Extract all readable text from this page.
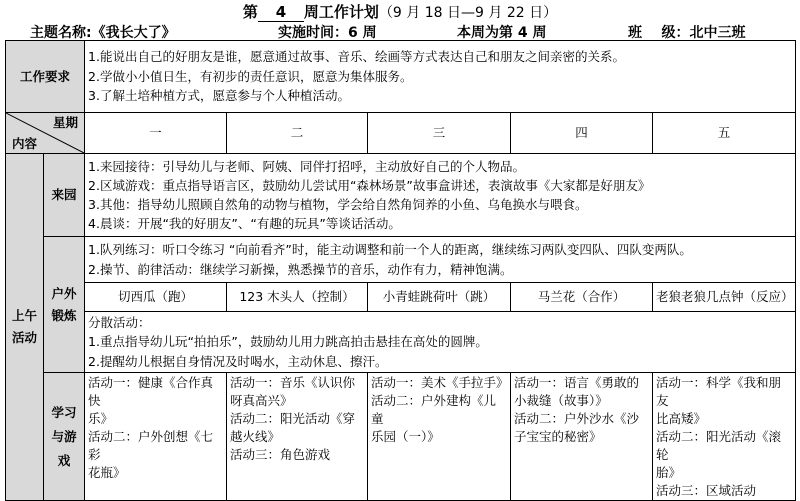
第 4 周工作计划（9 月 18 日—9 月 22 日）
主题名称:《我长大了》	实施时间：6 周	本周为第 4 周	班    级：北中三班
工作要求		1.能说出自己的好朋友是谁，愿意通过故事、音乐、绘画等方式表达自己和朋友之间亲密的关系。
2.学做小小值日生，有初步的责任意识，愿意为集体服务。
3.了解土培种植方式，愿意参与个人种植活动。				

星期
内容		一	二	三	四	五
上午活动	来园	1.来园接待：引导幼儿与老师、阿姨、同伴打招呼，主动放好自己的个人物品。
2.区域游戏：重点指导语言区，鼓励幼儿尝试用“森林场景”故事盒讲述，表演故事《大家都是好朋友》
3.其他：指导幼儿照顾自然角的动物与植物，学会给自然角饲养的小鱼、乌龟换水与喂食。
4.晨谈：开展“我的好朋友”、“有趣的玩具”等谈话活动。				

	户外锻炼	1.队列练习：听口令练习 “向前看齐”时，能主动调整和前一个人的距离，继续练习两队变四队、四队变两队。
2.操节、韵律活动：继续学习新操，熟悉操节的音乐，动作有力，精神饱满。				

		切西瓜（跑）	123 木头人（控制）	小青蛙跳荷叶（跳）	马兰花（合作）	老狼老狼几点钟（反应）

		分散活动：
1.重点指导幼儿玩“拍拍乐”，鼓励幼儿用力跳高拍击悬挂在高处的圆牌。
2.提醒幼儿根据自身情况及时喝水，主动休息、擦汗。				

	学习与游戏	活动一：健康《合作真快
乐》
活动二：户外创想《七彩
花瓶》	活动一：音乐《认识你
呀真高兴》
活动二：阳光活动《穿
越火线》
活动三：角色游戏	活动一：美术《手拉手》
活动二：户外建构《儿童
乐园（一）》	活动一：语言《勇敢的
小裁缝（故事）》
活动二：户外沙水《沙
子宝宝的秘密》	活动一：科学《我和朋友
比高矮》
活动二：阳光活动《滚轮
胎》
活动三：区域活动
